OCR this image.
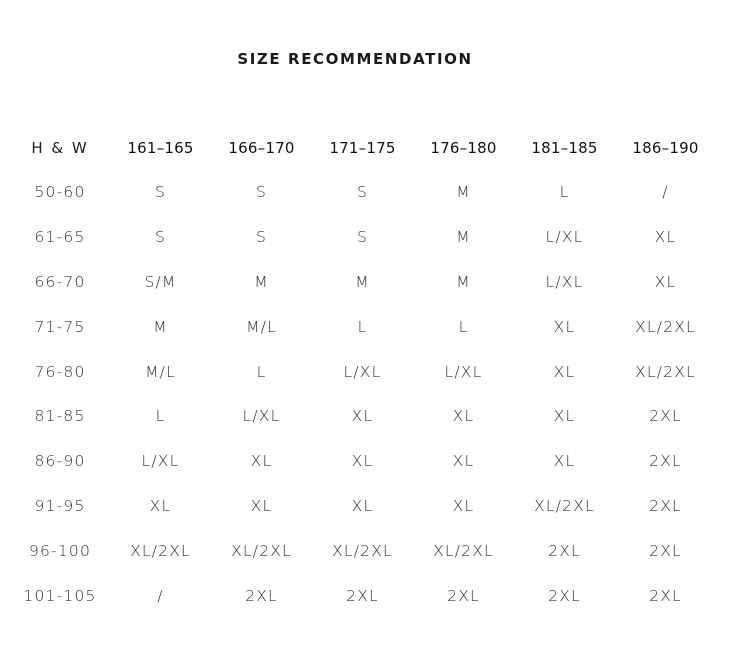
SIZE RECOMMENDATION
H & W	161–165	166–170	171–175	176–180	181–185	186–190
50-60	S	S	S	M	L	/
61-65	S	S	S	M	L/XL	XL
66-70	S/M	M	M	M	L/XL	XL
71-75	M	M/L	L	L	XL	XL/2XL
76-80	M/L	L	L/XL	L/XL	XL	XL/2XL
81-85	L	L/XL	XL	XL	XL	2XL
86-90	L/XL	XL	XL	XL	XL	2XL
91-95	XL	XL	XL	XL	XL/2XL	2XL
96-100	XL/2XL	XL/2XL	XL/2XL	XL/2XL	2XL	2XL
101-105	/	2XL	2XL	2XL	2XL	2XL
